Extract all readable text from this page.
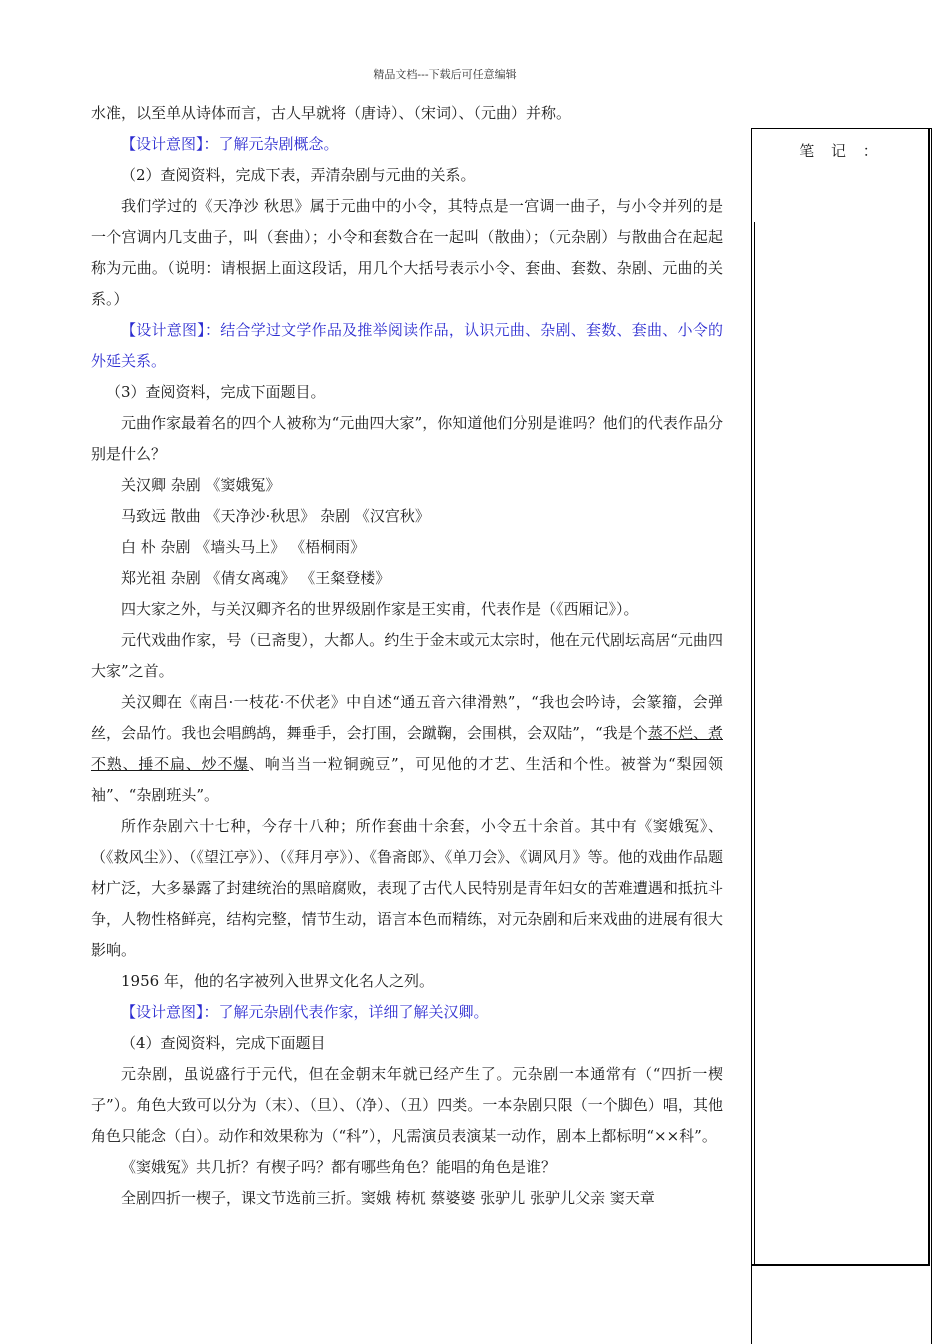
精品文档---下载后可任意编辑
笔 记 ：

水准，以至单从诗体而言，古人早就将（唐诗）、（宋词）、（元曲）并称。

【设计意图】：了解元杂剧概念。

（2）查阅资料，完成下表，弄清杂剧与元曲的关系。

我们学过的《天净沙 秋思》属于元曲中的小令，其特点是一宫调一曲子，与小令并列的是一个宫调内几支曲子，叫（套曲）；小令和套数合在一起叫（散曲）；（元杂剧）与散曲合在起起称为元曲。（说明：请根据上面这段话，用几个大括号表示小令、套曲、套数、杂剧、元曲的关系。）

【设计意图】：结合学过文学作品及推举阅读作品，认识元曲、杂剧、套数、套曲、小令的外延关系。

（3）查阅资料，完成下面题目。

元曲作家最着名的四个人被称为“元曲四大家”，你知道他们分别是谁吗？他们的代表作品分别是什么？

关汉卿 杂剧 《窦娥冤》

马致远 散曲 《天净沙·秋思》 杂剧 《汉宫秋》

白 朴 杂剧 《墙头马上》 《梧桐雨》

郑光祖 杂剧 《倩女离魂》 《王粲登楼》

四大家之外，与关汉卿齐名的世界级剧作家是王实甫，代表作是（《西厢记》）。

元代戏曲作家，号（已斋叟），大都人。约生于金末或元太宗时，他在元代剧坛高居“元曲四大家”之首。

关汉卿在《南吕·一枝花·不伏老》中自述“通五音六律滑熟”，“我也会吟诗，会篆籀，会弹丝，会品竹。我也会唱鹧鸪，舞垂手，会打围，会蹴鞠，会围棋，会双陆”，“我是个蒸不烂、煮不熟、捶不扁、炒不爆、响当当一粒铜豌豆”，可见他的才艺、生活和个性。被誉为“梨园领袖”、“杂剧班头”。

所作杂剧六十七种，今存十八种；所作套曲十余套，小令五十余首。其中有《窦娥冤》、（《救风尘》）、（《望江亭》）、（《拜月亭》）、《鲁斋郎》、《单刀会》、《调风月》等。他的戏曲作品题材广泛，大多暴露了封建统治的黑暗腐败，表现了古代人民特别是青年妇女的苦难遭遇和抵抗斗争，人物性格鲜亮，结构完整，情节生动，语言本色而精练，对元杂剧和后来戏曲的进展有很大影响。

1956 年，他的名字被列入世界文化名人之列。

【设计意图】：了解元杂剧代表作家，详细了解关汉卿。

（4）查阅资料，完成下面题目

元杂剧，虽说盛行于元代，但在金朝末年就已经产生了。元杂剧一本通常有（“四折一楔子”）。角色大致可以分为（末）、（旦）、（净）、（丑）四类。一本杂剧只限（一个脚色）唱，其他角色只能念（白）。动作和效果称为（“科”），凡需演员表演某一动作，剧本上都标明“××科”。

《窦娥冤》共几折？有楔子吗？都有哪些角色？能唱的角色是谁？

全剧四折一楔子，课文节选前三折。窦娥 梼杌 蔡婆婆 张驴儿 张驴儿父亲 窦天章
